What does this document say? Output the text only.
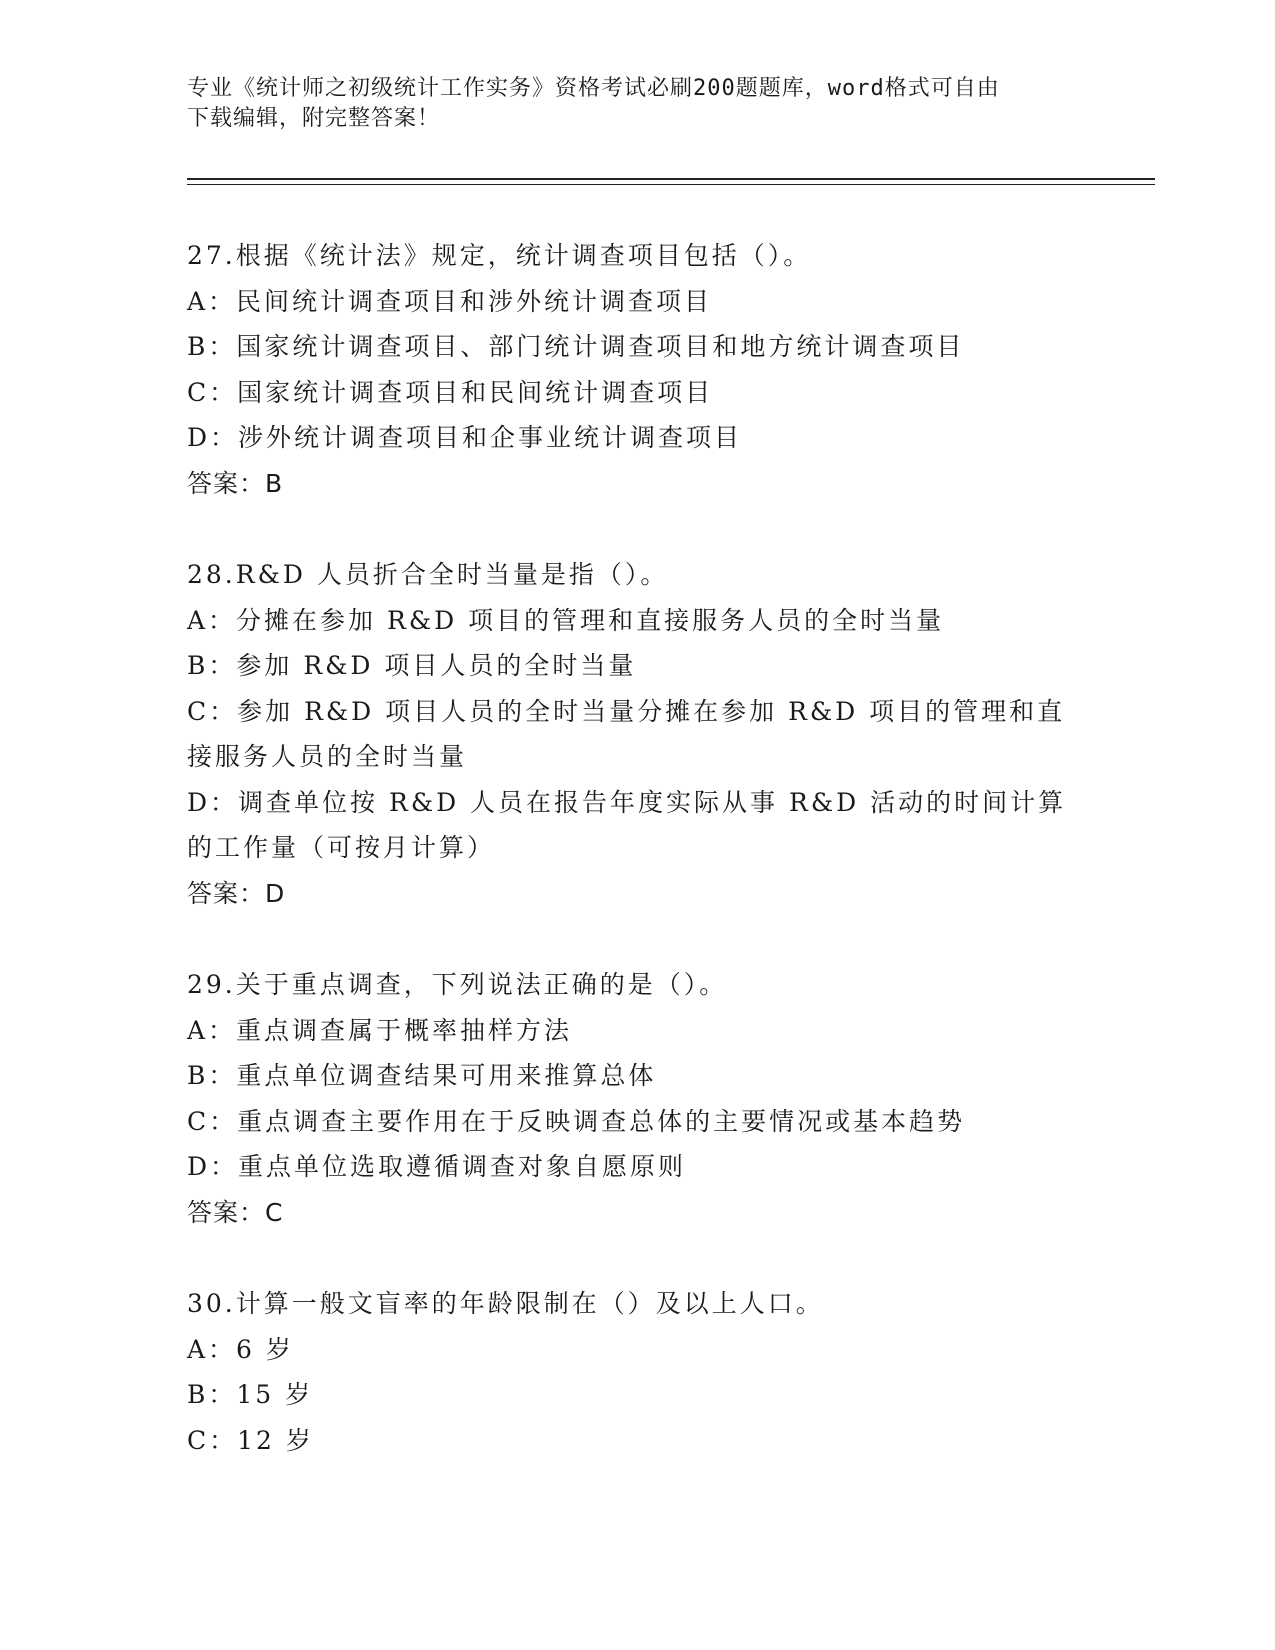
专业《统计师之初级统计工作实务》资格考试必刷200题题库，word格式可自由
下载编辑，附完整答案！
27.根据《统计法》规定，统计调查项目包括（）。
A：民间统计调查项目和涉外统计调查项目
B：国家统计调查项目、部门统计调查项目和地方统计调查项目
C：国家统计调查项目和民间统计调查项目
D：涉外统计调查项目和企事业统计调查项目
答案：B
28.R&D 人员折合全时当量是指（）。
A：分摊在参加 R&D 项目的管理和直接服务人员的全时当量
B：参加 R&D 项目人员的全时当量
C：参加 R&D 项目人员的全时当量分摊在参加 R&D 项目的管理和直接服务人员的全时当量
D：调查单位按 R&D 人员在报告年度实际从事 R&D 活动的时间计算的工作量（可按月计算）
答案：D
29.关于重点调查，下列说法正确的是（）。
A：重点调查属于概率抽样方法
B：重点单位调查结果可用来推算总体
C：重点调查主要作用在于反映调查总体的主要情况或基本趋势
D：重点单位选取遵循调查对象自愿原则
答案：C
30.计算一般文盲率的年龄限制在（）及以上人口。
A：6 岁
B：15 岁
C：12 岁
